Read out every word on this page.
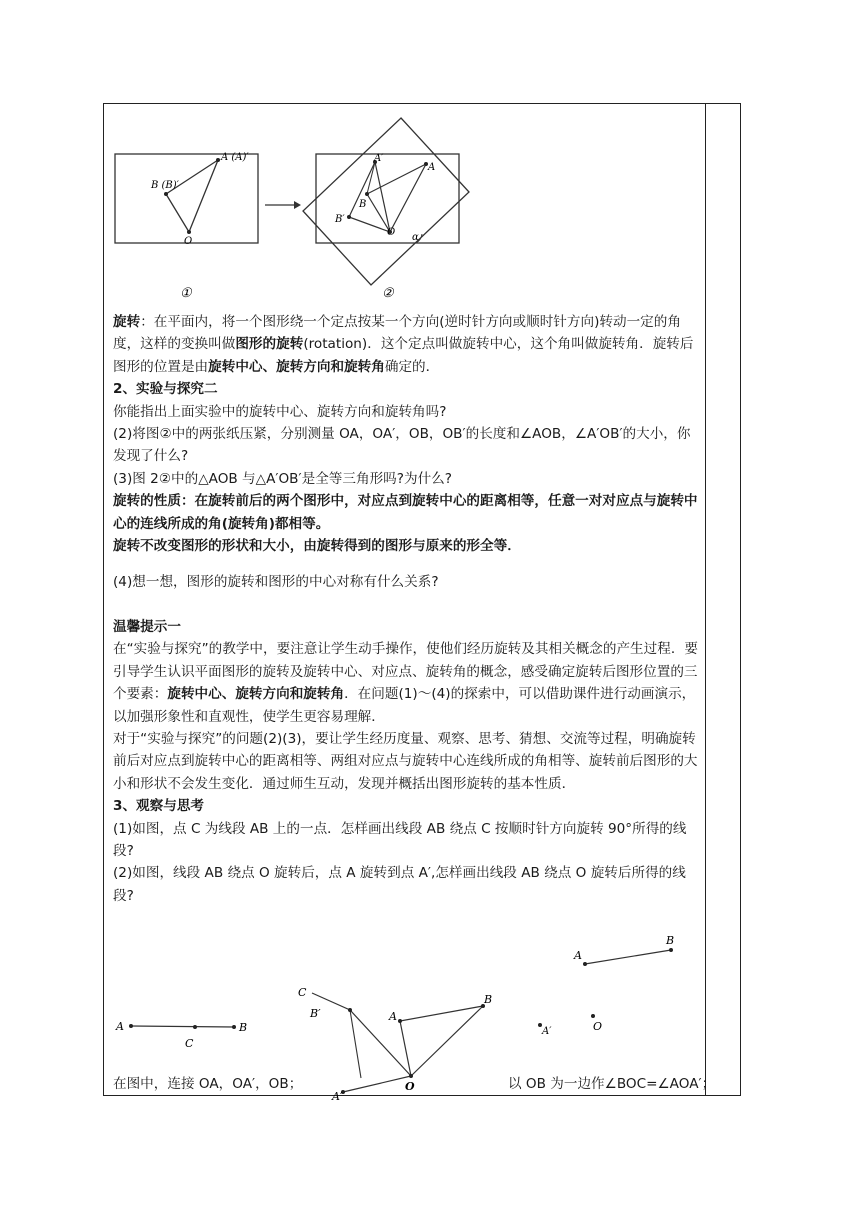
A (A)′
B (B)′
O
①
A′
A
B
B′
O α
②

旋转：在平面内，将一个图形绕一个定点按某一个方向(逆时针方向或顺时针方向)转动一定的角度，这样的变换叫做图形的旋转(rotation)．这个定点叫做旋转中心，这个角叫做旋转角．旋转后图形的位置是由旋转中心、旋转方向和旋转角确定的．

2、实验与探究二

你能指出上面实验中的旋转中心、旋转方向和旋转角吗?

(2)将图②中的两张纸压紧，分别测量 OA，OA′，OB，OB′的长度和∠AOB，∠A′OB′的大小，你发现了什么?

(3)图 2②中的△AOB 与△A′OB′是全等三角形吗?为什么?

旋转的性质：在旋转前后的两个图形中，对应点到旋转中心的距离相等，任意一对对应点与旋转中心的连线所成的角(旋转角)都相等。

旋转不改变图形的形状和大小，由旋转得到的图形与原来的形全等．

(4)想一想，图形的旋转和图形的中心对称有什么关系?

温馨提示一

在“实验与探究”的教学中，要注意让学生动手操作，使他们经历旋转及其相关概念的产生过程．要引导学生认识平面图形的旋转及旋转中心、对应点、旋转角的概念，感受确定旋转后图形位置的三个要素：旋转中心、旋转方向和旋转角．在问题(1)～(4)的探索中，可以借助课件进行动画演示，以加强形象性和直观性，使学生更容易理解．

对于“实验与探究”的问题(2)(3)，要让学生经历度量、观察、思考、猜想、交流等过程，明确旋转前后对应点到旋转中心的距离相等、两组对应点与旋转中心连线所成的角相等、旋转前后图形的大小和形状不会发生变化．通过师生互动，发现并概括出图形旋转的基本性质．

3、观察与思考

(1)如图，点 C 为线段 AB 上的一点．怎样画出线段 AB 绕点 C 按顺时针方向旋转 90°所得的线段?

(2)如图，线段 AB 绕点 O 旋转后，点 A 旋转到点 A′,怎样画出线段 AB 绕点 O 旋转后所得的线段?

A
C
B
C
B′	A
B
A′
O
A
B
A′	O
在图中，连接 OA，OA′，OB；	以 OB 为一边作∠BOC=∠AOA′；
